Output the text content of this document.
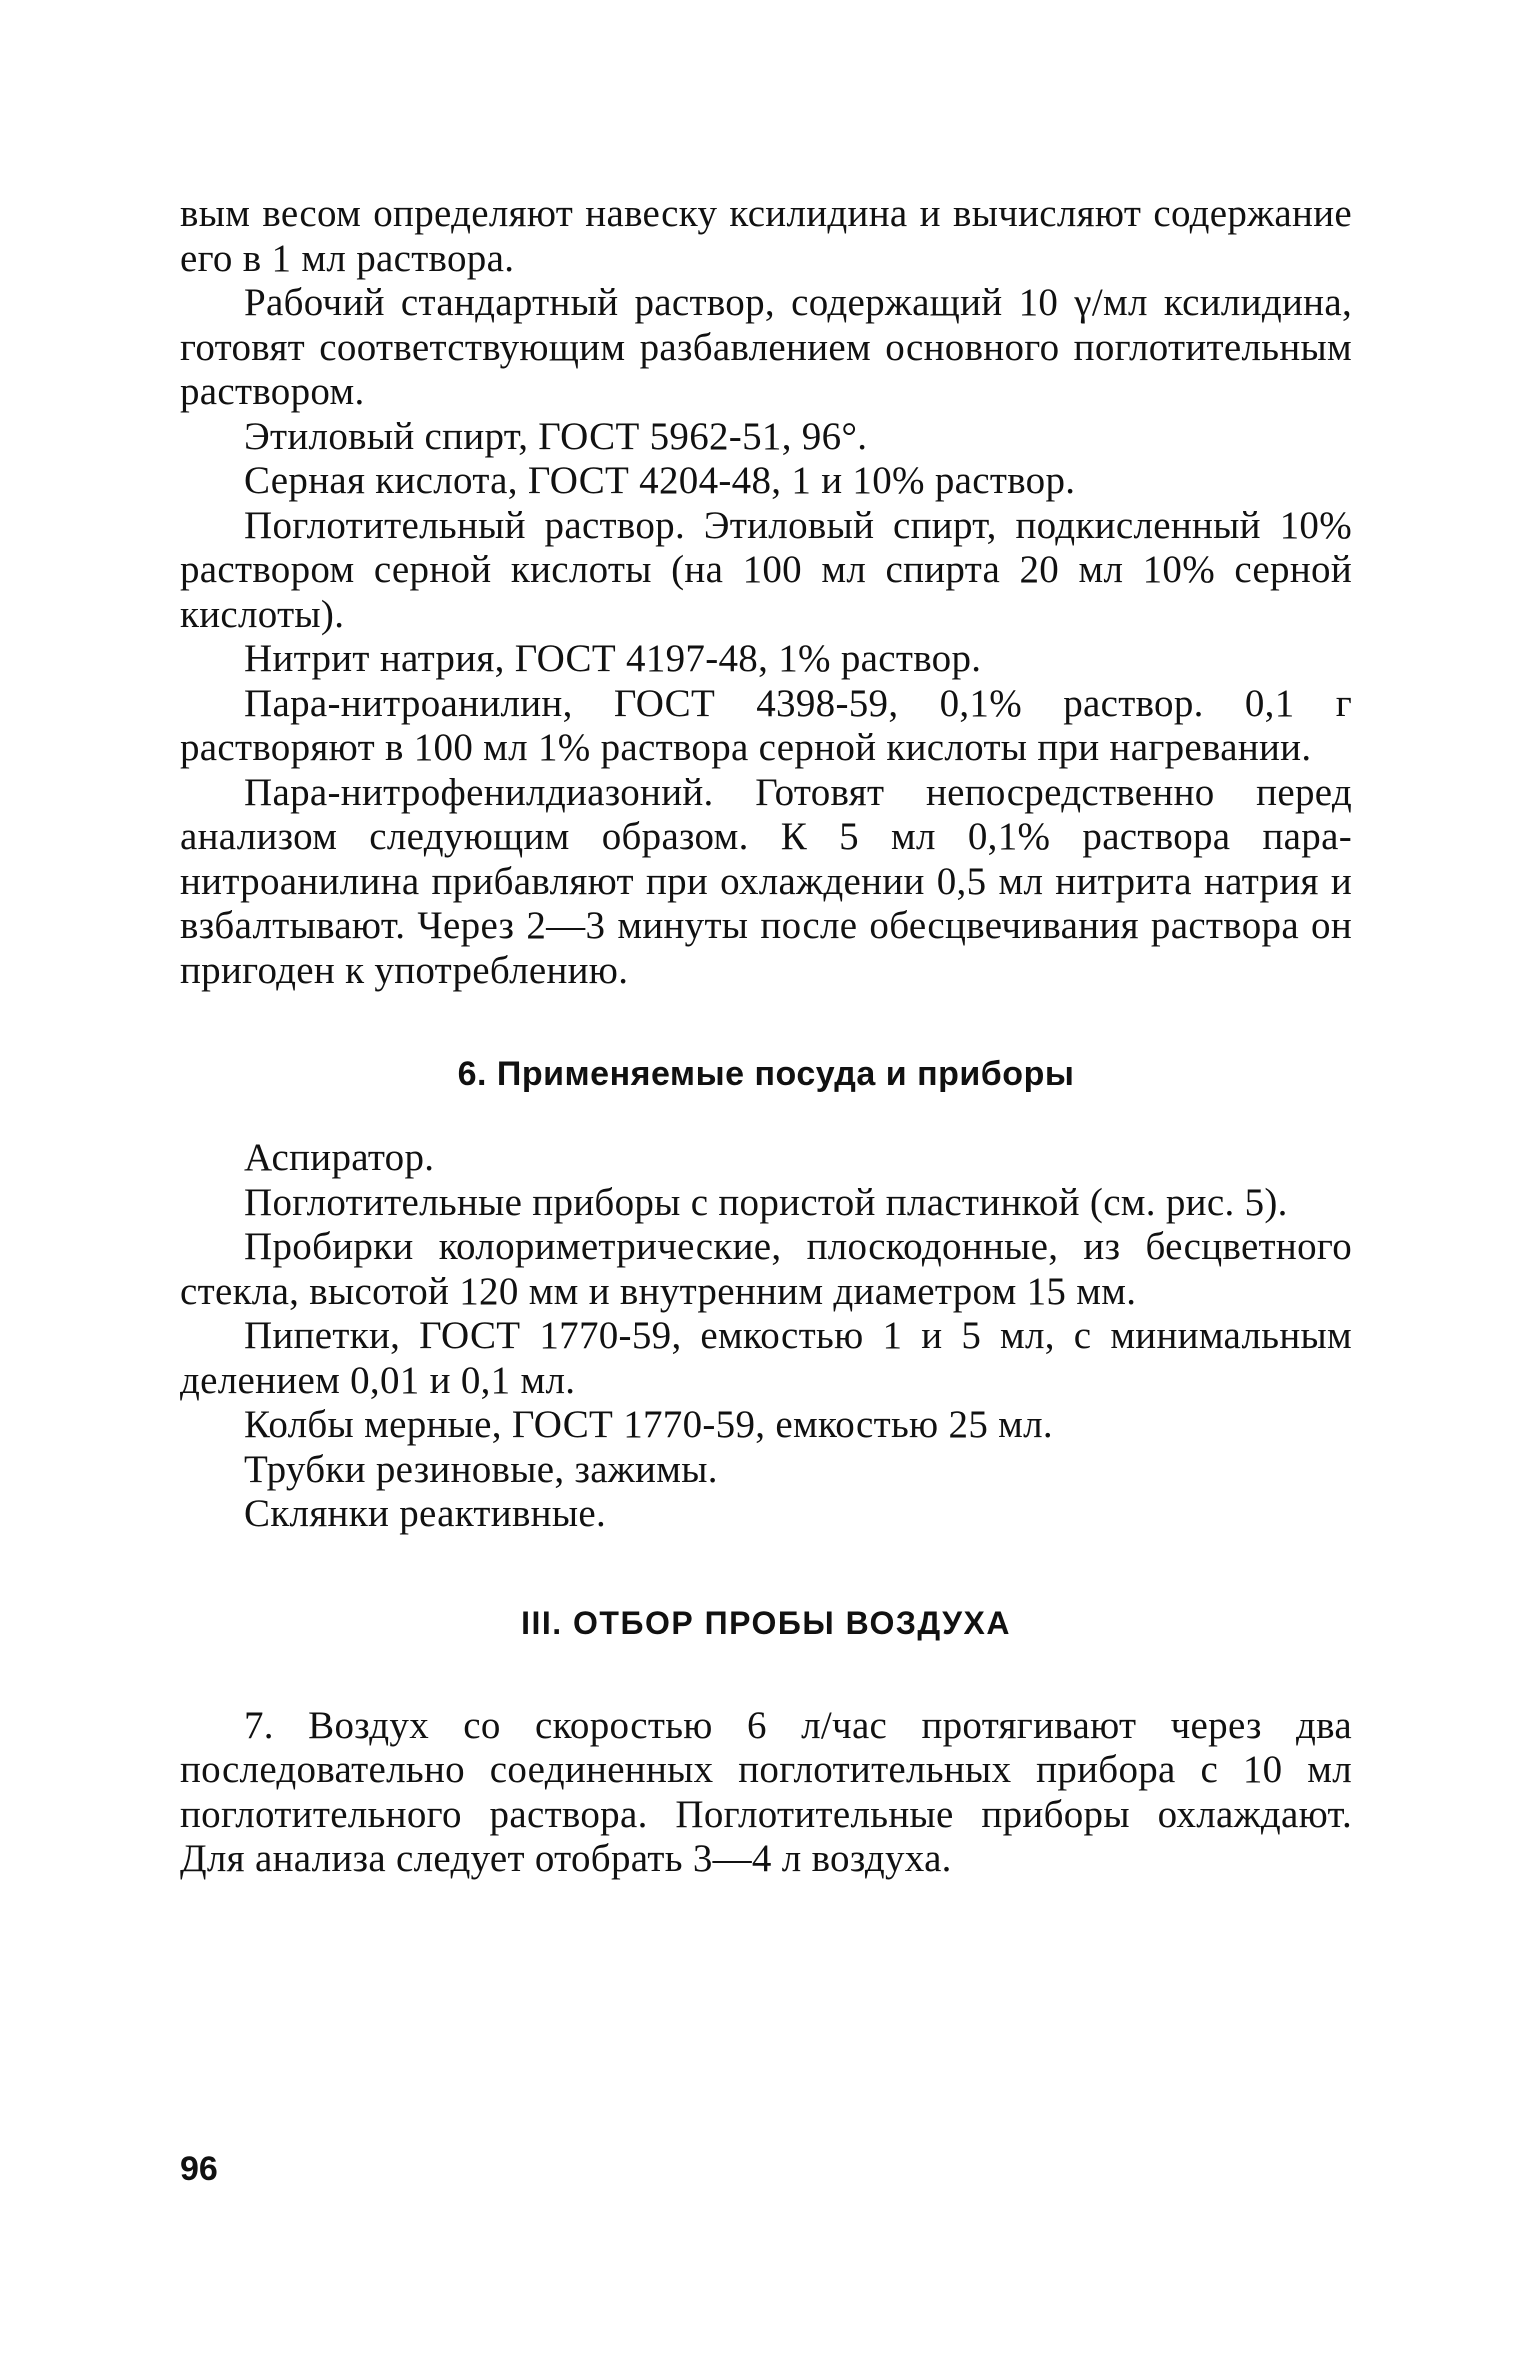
вым весом определяют навеску ксилидина и вычисляют содержание его в 1 мл раствора.

Рабочий стандартный раствор, содержащий 10 γ/мл ксилидина, готовят соответствующим разбавлением основного поглотительным раствором.

Этиловый спирт, ГОСТ 5962-51, 96°.

Серная кислота, ГОСТ 4204-48, 1 и 10% раствор.

Поглотительный раствор. Этиловый спирт, подкисленный 10% раствором серной кислоты (на 100 мл спирта 20 мл 10% серной кислоты).

Нитрит натрия, ГОСТ 4197-48, 1% раствор.

Пара-нитроанилин, ГОСТ 4398-59, 0,1% раствор. 0,1 г растворяют в 100 мл 1% раствора серной кислоты при нагревании.

Пара-нитрофенилдиазоний. Готовят непосредственно перед анализом следующим образом. К 5 мл 0,1% раствора пара-нитроанилина прибавляют при охлаждении 0,5 мл нитрита натрия и взбалтывают. Через 2—3 минуты после обесцвечивания раствора он пригоден к употреблению.

6. Применяемые посуда и приборы

Аспиратор.

Поглотительные приборы с пористой пластинкой (см. рис. 5).

Пробирки колориметрические, плоскодонные, из бесцветного стекла, высотой 120 мм и внутренним диаметром 15 мм.

Пипетки, ГОСТ 1770-59, емкостью 1 и 5 мл, с минимальным делением 0,01 и 0,1 мл.

Колбы мерные, ГОСТ 1770-59, емкостью 25 мл.

Трубки резиновые, зажимы.

Склянки реактивные.

III. ОТБОР ПРОБЫ ВОЗДУХА

7. Воздух со скоростью 6 л/час протягивают через два последовательно соединенных поглотительных прибора с 10 мл поглотительного раствора. Поглотительные приборы охлаждают. Для анализа следует отобрать 3—4 л воздуха.

96
